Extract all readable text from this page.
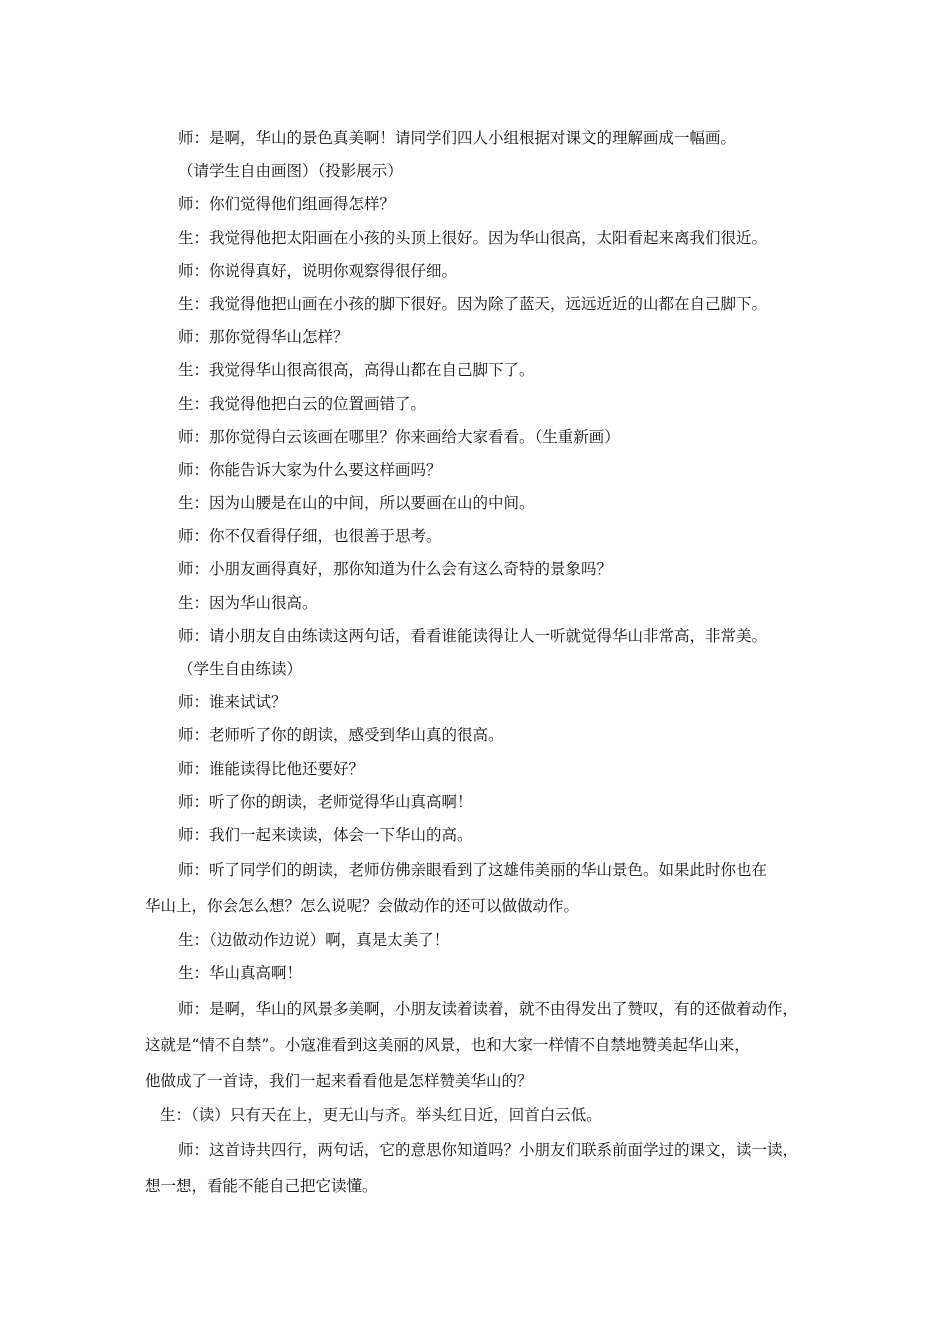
师：是啊，华山的景色真美啊！请同学们四人小组根据对课文的理解画成一幅画。
（请学生自由画图）（投影展示）
师：你们觉得他们组画得怎样？
生：我觉得他把太阳画在小孩的头顶上很好。因为华山很高，太阳看起来离我们很近。
师：你说得真好，说明你观察得很仔细。
生：我觉得他把山画在小孩的脚下很好。因为除了蓝天，远远近近的山都在自己脚下。
师：那你觉得华山怎样？
生：我觉得华山很高很高，高得山都在自己脚下了。
生：我觉得他把白云的位置画错了。
师：那你觉得白云该画在哪里？你来画给大家看看。（生重新画）
师：你能告诉大家为什么要这样画吗？
生：因为山腰是在山的中间，所以要画在山的中间。
师：你不仅看得仔细，也很善于思考。
师：小朋友画得真好，那你知道为什么会有这么奇特的景象吗？
生：因为华山很高。
师：请小朋友自由练读这两句话，看看谁能读得让人一听就觉得华山非常高，非常美。
（学生自由练读）
师：谁来试试？
师：老师听了你的朗读，感受到华山真的很高。
师：谁能读得比他还要好？
师：听了你的朗读，老师觉得华山真高啊！
师：我们一起来读读，体会一下华山的高。
师：听了同学们的朗读，老师仿佛亲眼看到了这雄伟美丽的华山景色。如果此时你也在
华山上，你会怎么想？怎么说呢？会做动作的还可以做做动作。
生：（边做动作边说）啊，真是太美了！
生：华山真高啊！
师：是啊，华山的风景多美啊，小朋友读着读着，就不由得发出了赞叹，有的还做着动作，
这就是“情不自禁”。小寇准看到这美丽的风景，也和大家一样情不自禁地赞美起华山来，
他做成了一首诗，我们一起来看看他是怎样赞美华山的？
生：（读）只有天在上，更无山与齐。举头红日近，回首白云低。
师：这首诗共四行，两句话，它的意思你知道吗？小朋友们联系前面学过的课文，读一读，
想一想，看能不能自己把它读懂。
